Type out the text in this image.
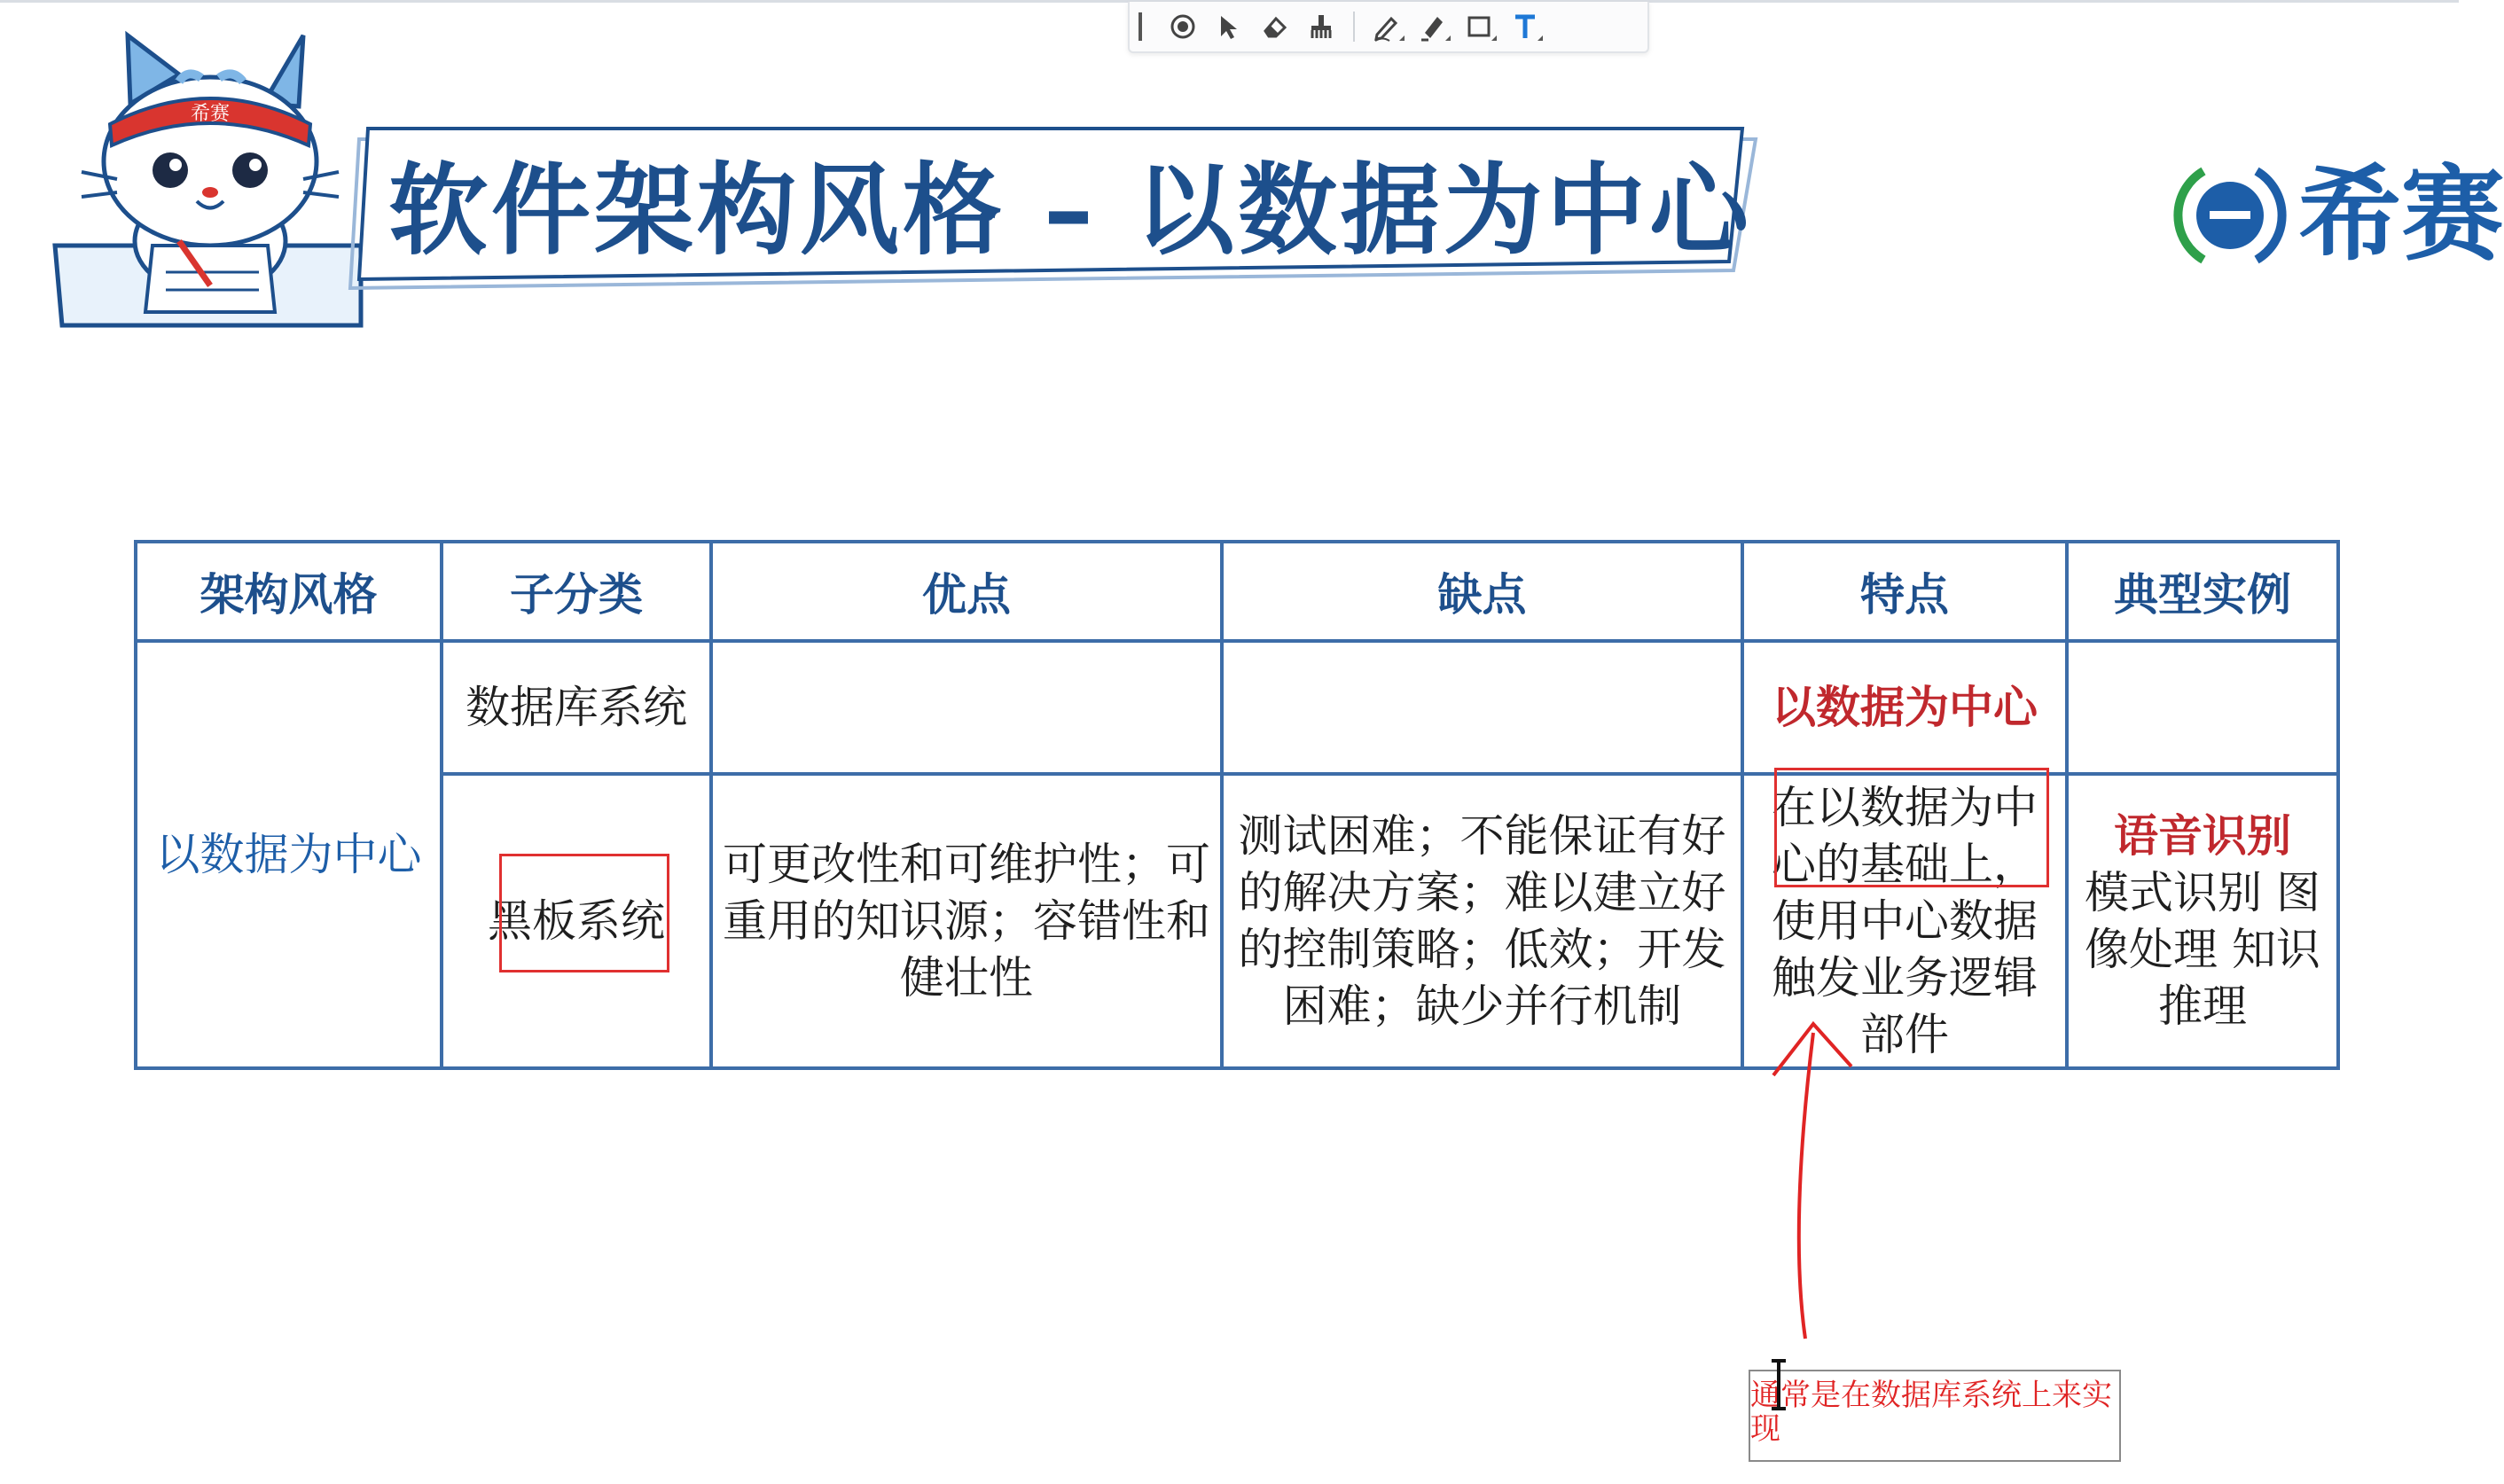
希赛
软件架构风格 – 以数据为中心	希赛
架构风格	子分类	优点	缺点	特点	典型实例
以数据为中心	数据库系统			以数据为中心	
	黑板系统	可更改性和可维护性；可重用的知识源；容错性和健壮性	测试困难；不能保证有好的解决方案；难以建立好的控制策略；低效；开发困难；缺少并行机制	在以数据为中心的基础上，使用中心数据触发业务逻辑部件	语音识别
模式识别 图像处理 知识推理
通常是在数据库系统上来实现
